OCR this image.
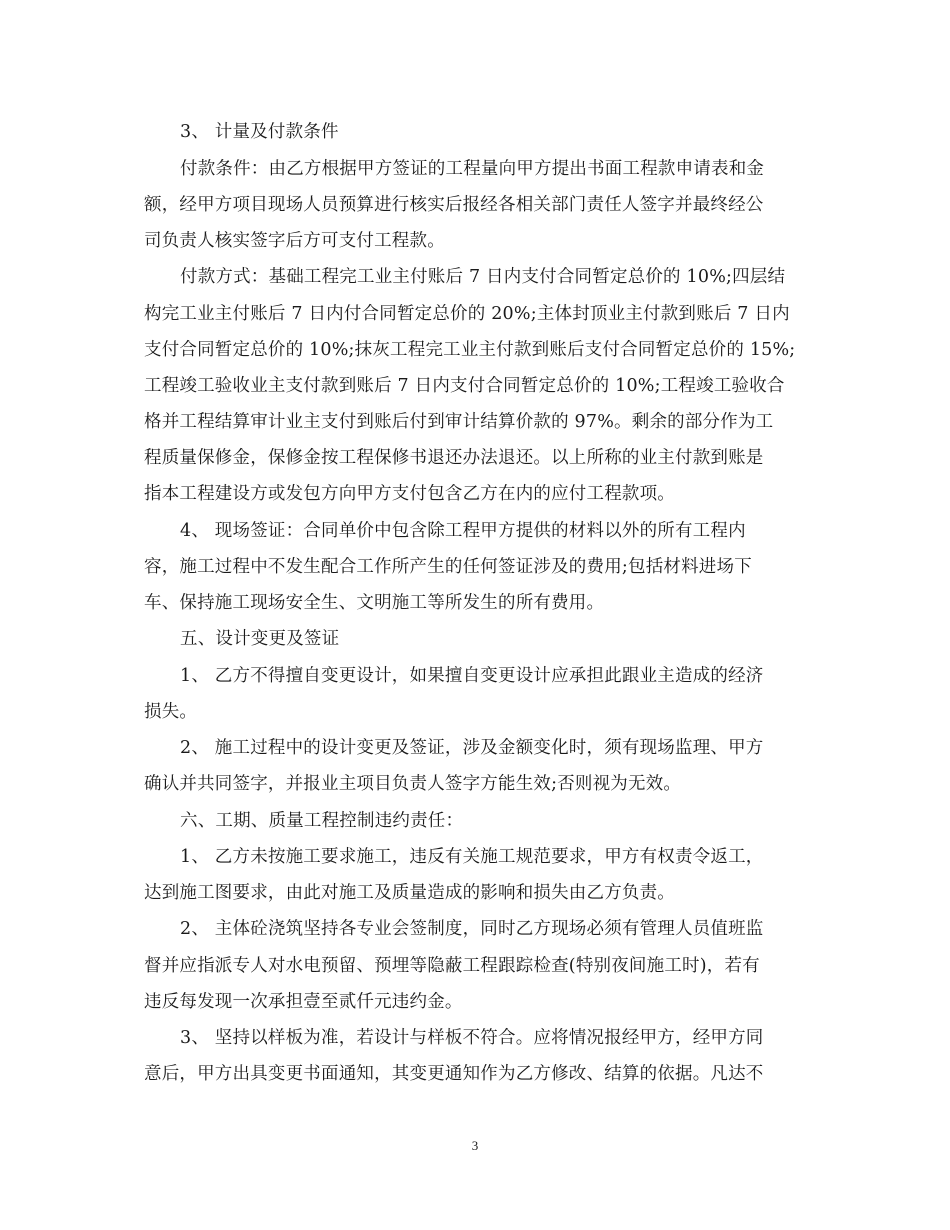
3、 计量及付款条件
付款条件：由乙方根据甲方签证的工程量向甲方提出书面工程款申请表和金
额，经甲方项目现场人员预算进行核实后报经各相关部门责任人签字并最终经公
司负责人核实签字后方可支付工程款。
付款方式：基础工程完工业主付账后 7 日内支付合同暂定总价的 10%;四层结
构完工业主付账后 7 日内付合同暂定总价的 20%;主体封顶业主付款到账后 7 日内
支付合同暂定总价的 10%;抹灰工程完工业主付款到账后支付合同暂定总价的 15%;
工程竣工验收业主支付款到账后 7 日内支付合同暂定总价的 10%;工程竣工验收合
格并工程结算审计业主支付到账后付到审计结算价款的 97%。剩余的部分作为工
程质量保修金，保修金按工程保修书退还办法退还。以上所称的业主付款到账是
指本工程建设方或发包方向甲方支付包含乙方在内的应付工程款项。
4、 现场签证：合同单价中包含除工程甲方提供的材料以外的所有工程内
容，施工过程中不发生配合工作所产生的任何签证涉及的费用;包括材料进场下
车、保持施工现场安全生、文明施工等所发生的所有费用。
五、设计变更及签证
1、 乙方不得擅自变更设计，如果擅自变更设计应承担此跟业主造成的经济
损失。
2、 施工过程中的设计变更及签证，涉及金额变化时，须有现场监理、甲方
确认并共同签字，并报业主项目负责人签字方能生效;否则视为无效。
六、工期、质量工程控制违约责任：
1、 乙方未按施工要求施工，违反有关施工规范要求，甲方有权责令返工，
达到施工图要求，由此对施工及质量造成的影响和损失由乙方负责。
2、 主体砼浇筑坚持各专业会签制度，同时乙方现场必须有管理人员值班监
督并应指派专人对水电预留、预埋等隐蔽工程跟踪检查(特别夜间施工时)，若有
违反每发现一次承担壹至贰仟元违约金。
3、 坚持以样板为准，若设计与样板不符合。应将情况报经甲方，经甲方同
意后，甲方出具变更书面通知，其变更通知作为乙方修改、结算的依据。凡达不
3
